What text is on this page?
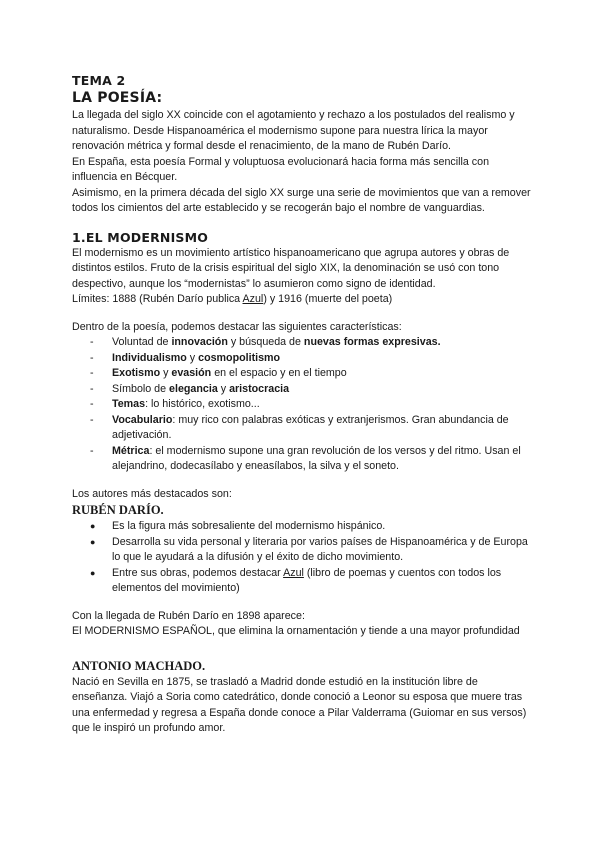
TEMA 2
LA POESÍA:

La llegada del siglo XX coincide con el agotamiento y rechazo a los postulados del realismo y naturalismo. Desde Hispanoamérica el modernismo supone para nuestra lírica la mayor renovación métrica y formal desde el renacimiento, de la mano de Rubén Darío.

En España, esta poesía Formal y voluptuosa evolucionará hacia forma más sencilla con influencia en Bécquer.

Asimismo, en la primera década del siglo XX surge una serie de movimientos que van a remover todos los cimientos del arte establecido y se recogerán bajo el nombre de vanguardias.

1.EL MODERNISMO

El modernismo es un movimiento artístico hispanoamericano que agrupa autores y obras de distintos estilos. Fruto de la crisis espiritual del siglo XIX, la denominación se usó con tono despectivo, aunque los “modernistas” lo asumieron como signo de identidad.

Límites: 1888 (Rubén Darío publica Azul) y 1916 (muerte del poeta)

Dentro de la poesía, podemos destacar las siguientes características:

- Voluntad de innovación y búsqueda de nuevas formas expresivas.
- Individualismo y cosmopolitismo
- Exotismo y evasión en el espacio y en el tiempo
- Símbolo de elegancia y aristocracia
- Temas: lo histórico, exotismo...
- Vocabulario: muy rico con palabras exóticas y extranjerismos. Gran abundancia de adjetivación.
- Métrica: el modernismo supone una gran revolución de los versos y del ritmo. Usan el alejandrino, dodecasílabo y eneasílabos, la silva y el soneto.

Los autores más destacados son:

RUBÉN DARÍO.
● Es la figura más sobresaliente del modernismo hispánico.
● Desarrolla su vida personal y literaria por varios países de Hispanoamérica y de Europa lo que le ayudará a la difusión y el éxito de dicho movimiento.
● Entre sus obras, podemos destacar Azul (libro de poemas y cuentos con todos los elementos del movimiento)

Con la llegada de Rubén Darío en 1898 aparece:

El MODERNISMO ESPAÑOL, que elimina la ornamentación y tiende a una mayor profundidad

ANTONIO MACHADO.

Nació en Sevilla en 1875, se trasladó a Madrid donde estudió en la institución libre de enseñanza. Viajó a Soria como catedrático, donde conoció a Leonor su esposa que muere tras una enfermedad y regresa a España donde conoce a Pilar Valderrama (Guiomar en sus versos) que le inspiró un profundo amor.
